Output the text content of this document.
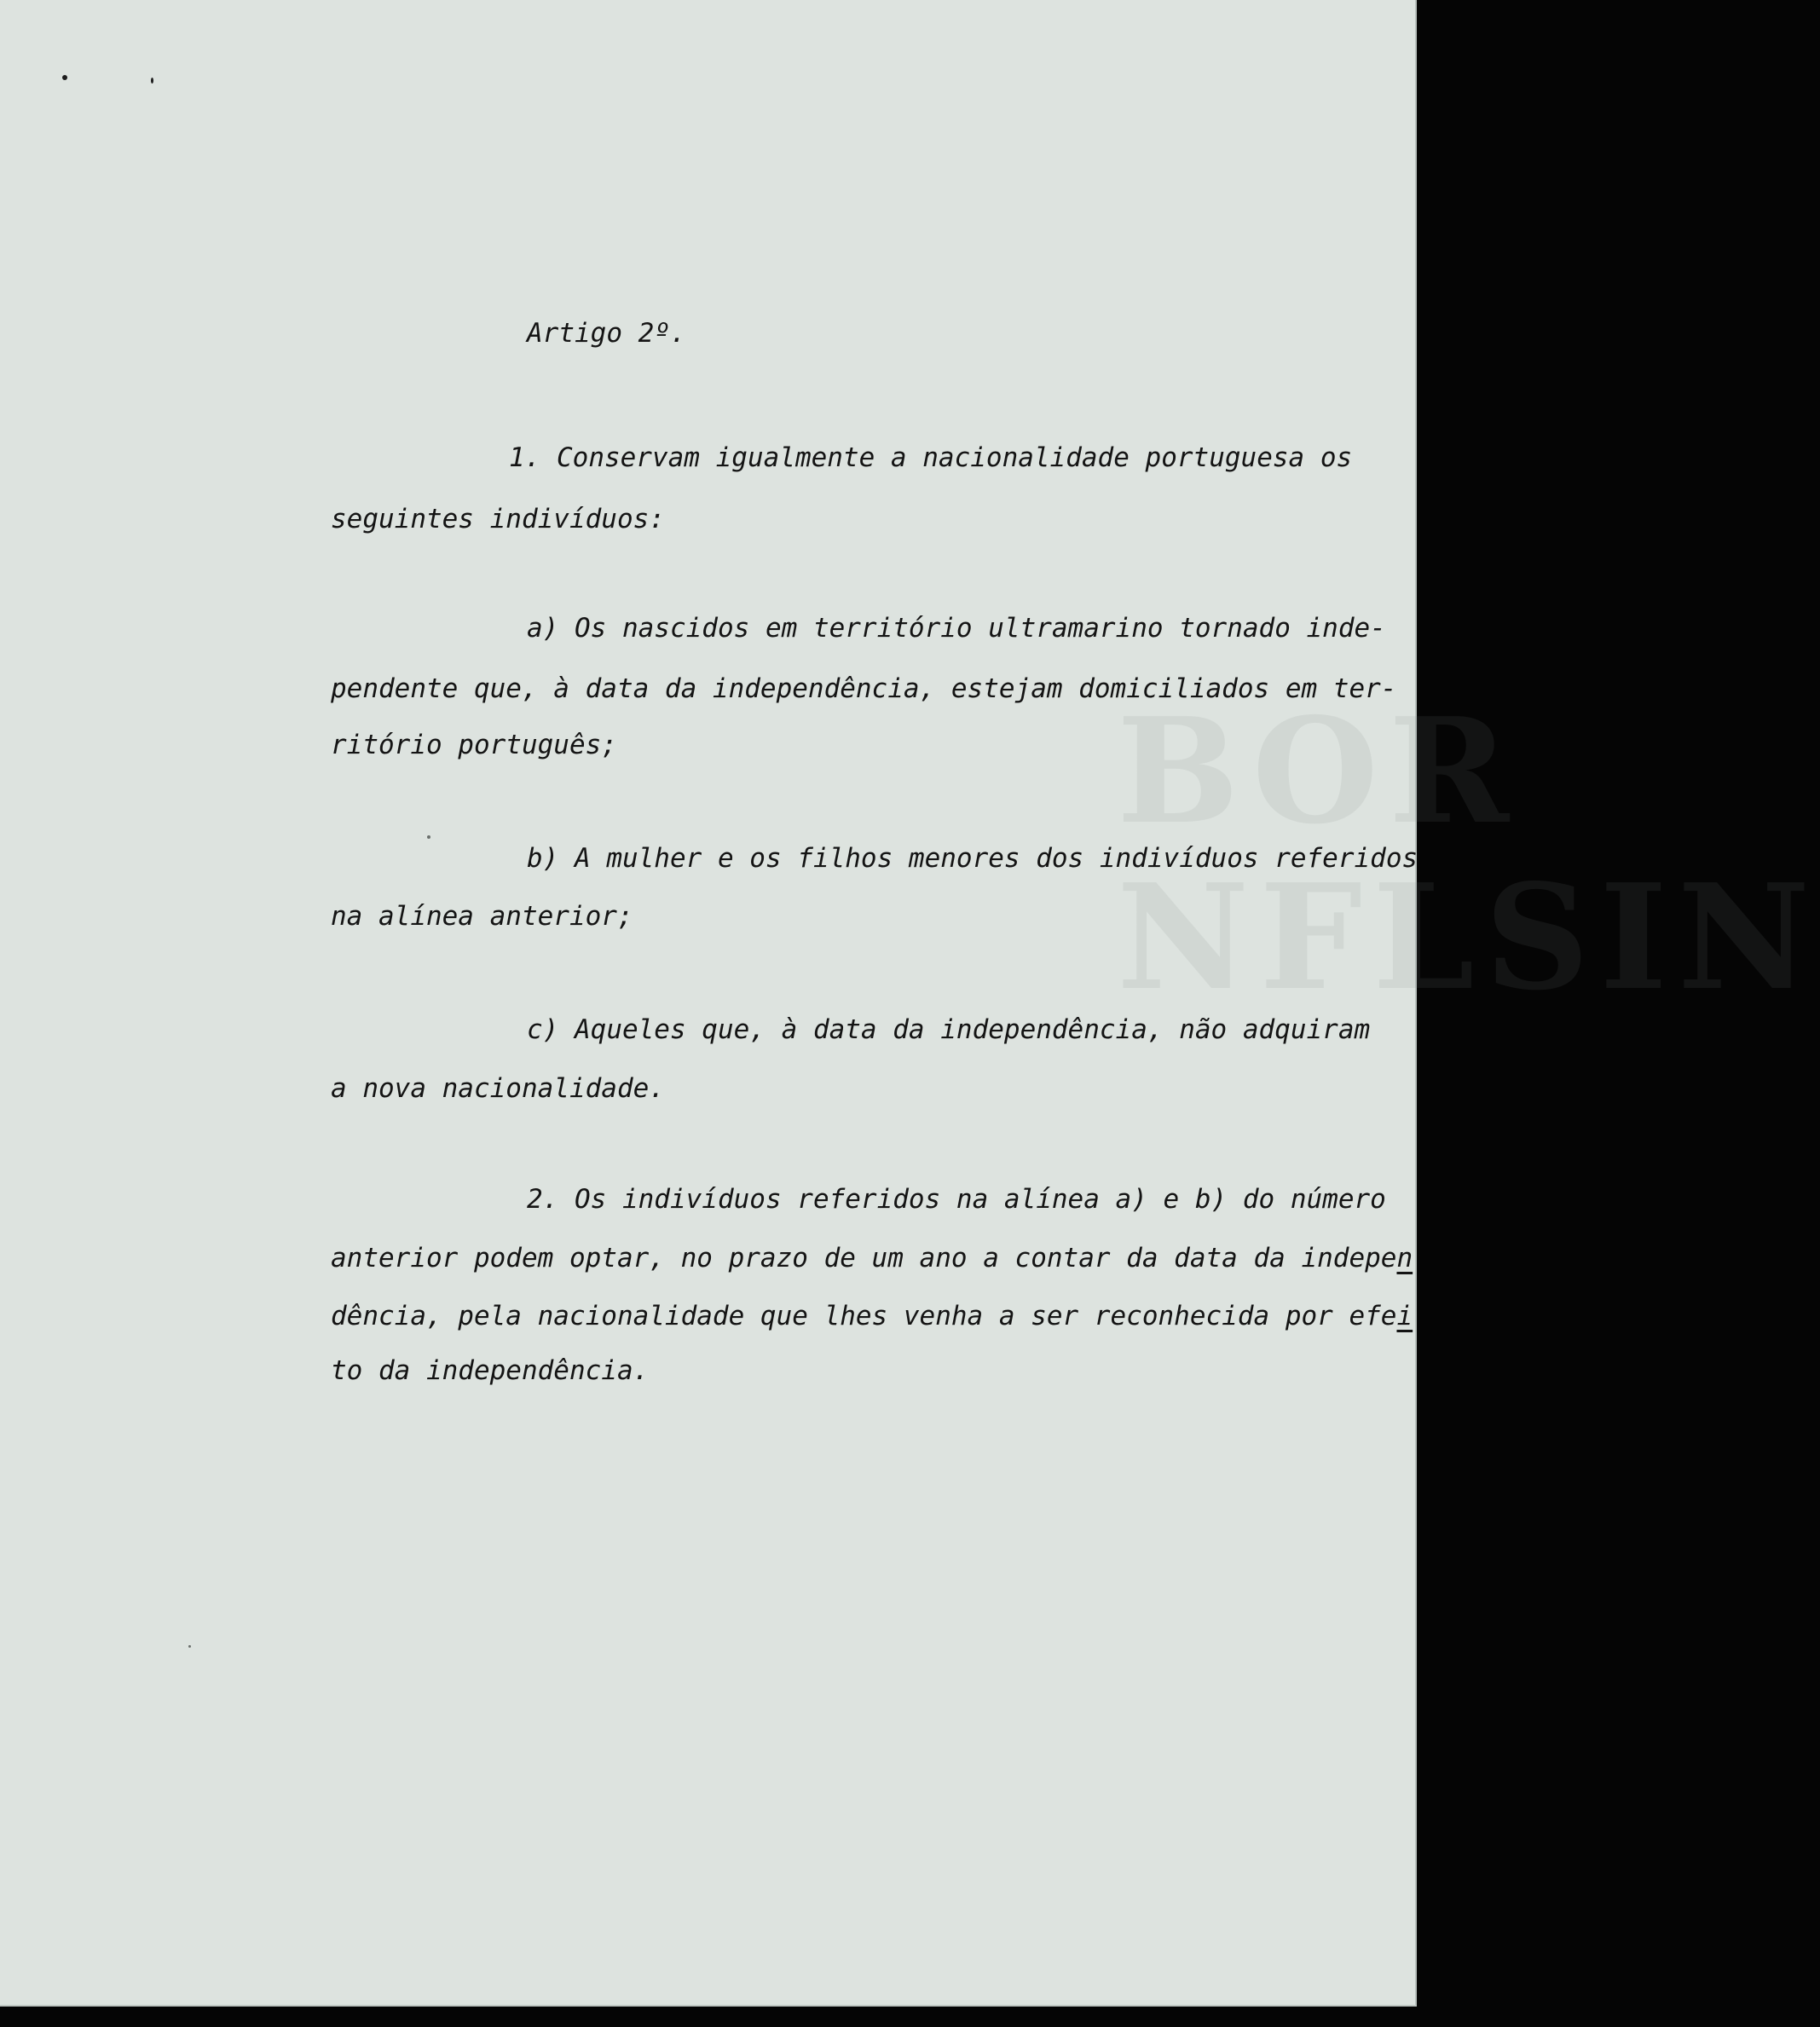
BOR
NFLSIN

Artigo 2º.

1. Conservam igualmente a nacionalidade portuguesa os

seguintes indivíduos:

a) Os nascidos em território ultramarino tornado inde-

pendente que, à data da independência, estejam domiciliados em ter-

ritório português;

b) A mulher e os filhos menores dos indivíduos referidos

na alínea anterior;

c) Aqueles que, à data da independência, não adquiram

a nova nacionalidade.

2. Os indivíduos referidos na alínea a) e b) do número

anterior podem optar, no prazo de um ano a contar da data da indepen

dência, pela nacionalidade que lhes venha a ser reconhecida por efei

to da independência.
